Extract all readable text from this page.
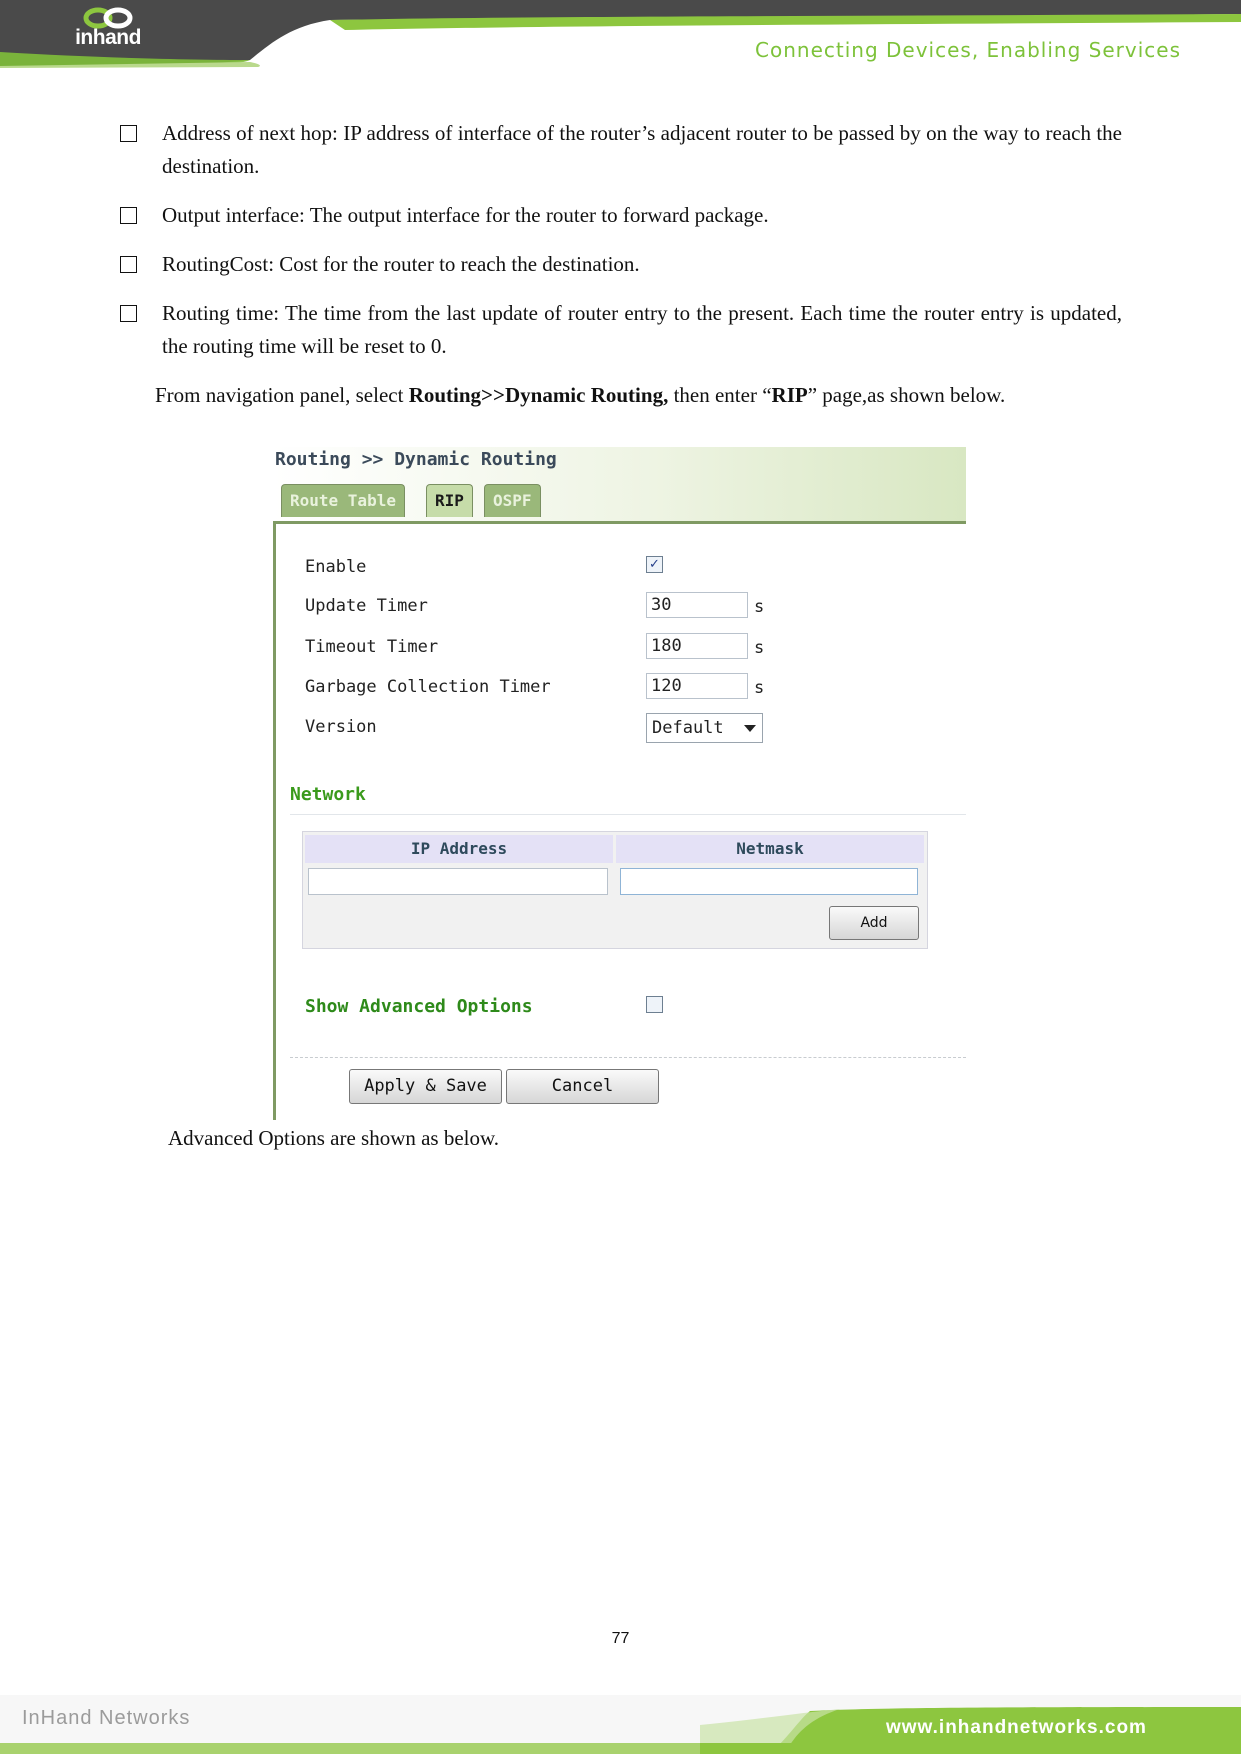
inhand
Connecting Devices, Enabling Services
Address of next hop: IP address of interface of the router’s adjacent router to be passed by on the way to reach the destination.
Output interface: The output interface for the router to forward package.
RoutingCost: Cost for the router to reach the destination.
Routing time: The time from the last update of router entry to the present. Each time the router entry is updated, the routing time will be reset to 0.
From navigation panel, select Routing>>Dynamic Routing, then enter “RIP” page,as shown below.
Routing >> Dynamic Routing
Route Table	RIP	OSPF
Enable	✓
Update Timer	30	s
Timeout Timer	180	s
Garbage Collection Timer	120	s
Version	Default
Network
IP Address	Netmask
Add
Show Advanced Options
Apply & Save	Cancel
Advanced Options are shown as below.
77
InHand Networks	www.inhandnetworks.com
